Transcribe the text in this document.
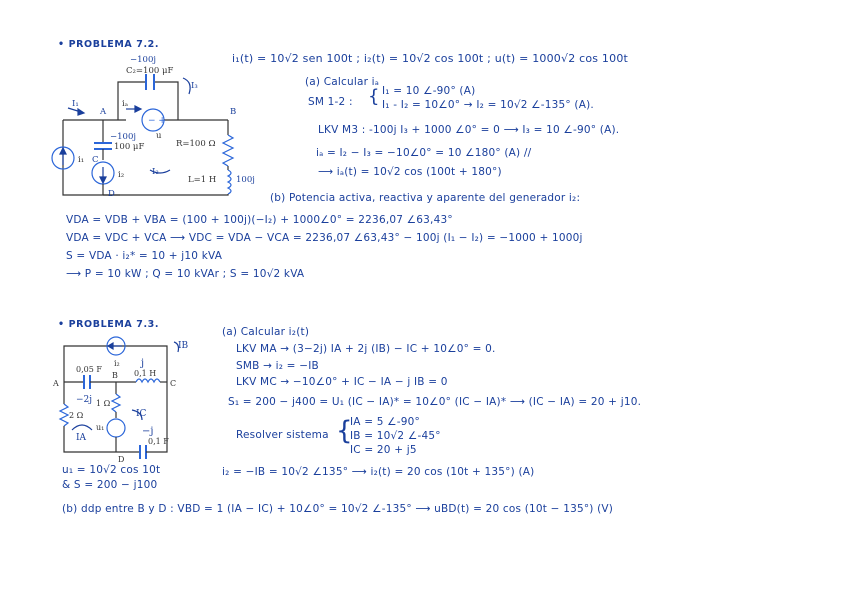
• PROBLEMA 7.2.
i₁(t) = 10√2 sen 100t ; i₂(t) = 10√2 cos 100t ; u(t) = 1000√2 cos 100t
− +
−100j
C₂=100 μF
I₃
I₁
A
iₐ
B
u
i₁
i₂
−100j
100 μF
C
D
R=100 Ω
I₂
L=1 H 100j
(a) Calcular iₐ
SM 1-2 : { I₁ = 10 ∠-90° (A)
I₁ - I₂ = 10∠0° → I₂ = 10√2 ∠-135° (A).
LKV M3 : -100j I₃ + 1000 ∠0° = 0 ⟶ I₃ = 10 ∠-90° (A).
iₐ = I₂ − I₃ = −10∠0° = 10 ∠180° (A) //
⟶ iₐ(t) = 10√2 cos (100t + 180°)
(b) Potencia activa, reactiva y aparente del generador i₂:
VDA = VDB + VBA = (100 + 100j)(−I₂) + 1000∠0° = 2236,07 ∠63,43°
VDA = VDC + VCA ⟶ VDC = VDA − VCA = 2236,07 ∠63,43° − 100j (I₁ − I₂) = −1000 + 1000j
S = VDA · i₂* = 10 + j10 kVA
⟶ P = 10 kW ; Q = 10 kVAr ; S = 10√2 kVA
• PROBLEMA 7.3.
i₂
IB
j
0,05 F	0,1 H
A
B
C
−2j
2 Ω
1 Ω
IC
−j
IA
u₁
0,1 F
D
(a) Calcular i₂(t)
LKV MA → (3−2j) IA + 2j (IB) − IC + 10∠0° = 0.
SMB → i₂ = −IB
LKV MC → −10∠0° + IC − IA − j IB = 0
S₁ = 200 − j400 = U₁ (IC − IA)* = 10∠0° (IC − IA)* ⟶ (IC − IA) = 20 + j10.
Resolver sistema {
IA = 5 ∠-90°
IB = 10√2 ∠-45°
IC = 20 + j5
i₂ = −IB = 10√2 ∠135° ⟶ i₂(t) = 20 cos (10t + 135°) (A)
u₁ = 10√2 cos 10t
& S = 200 − j100
(b) ddp entre B y D : VBD = 1 (IA − IC) + 10∠0° = 10√2 ∠-135° ⟶ uBD(t) = 20 cos (10t − 135°) (V)
